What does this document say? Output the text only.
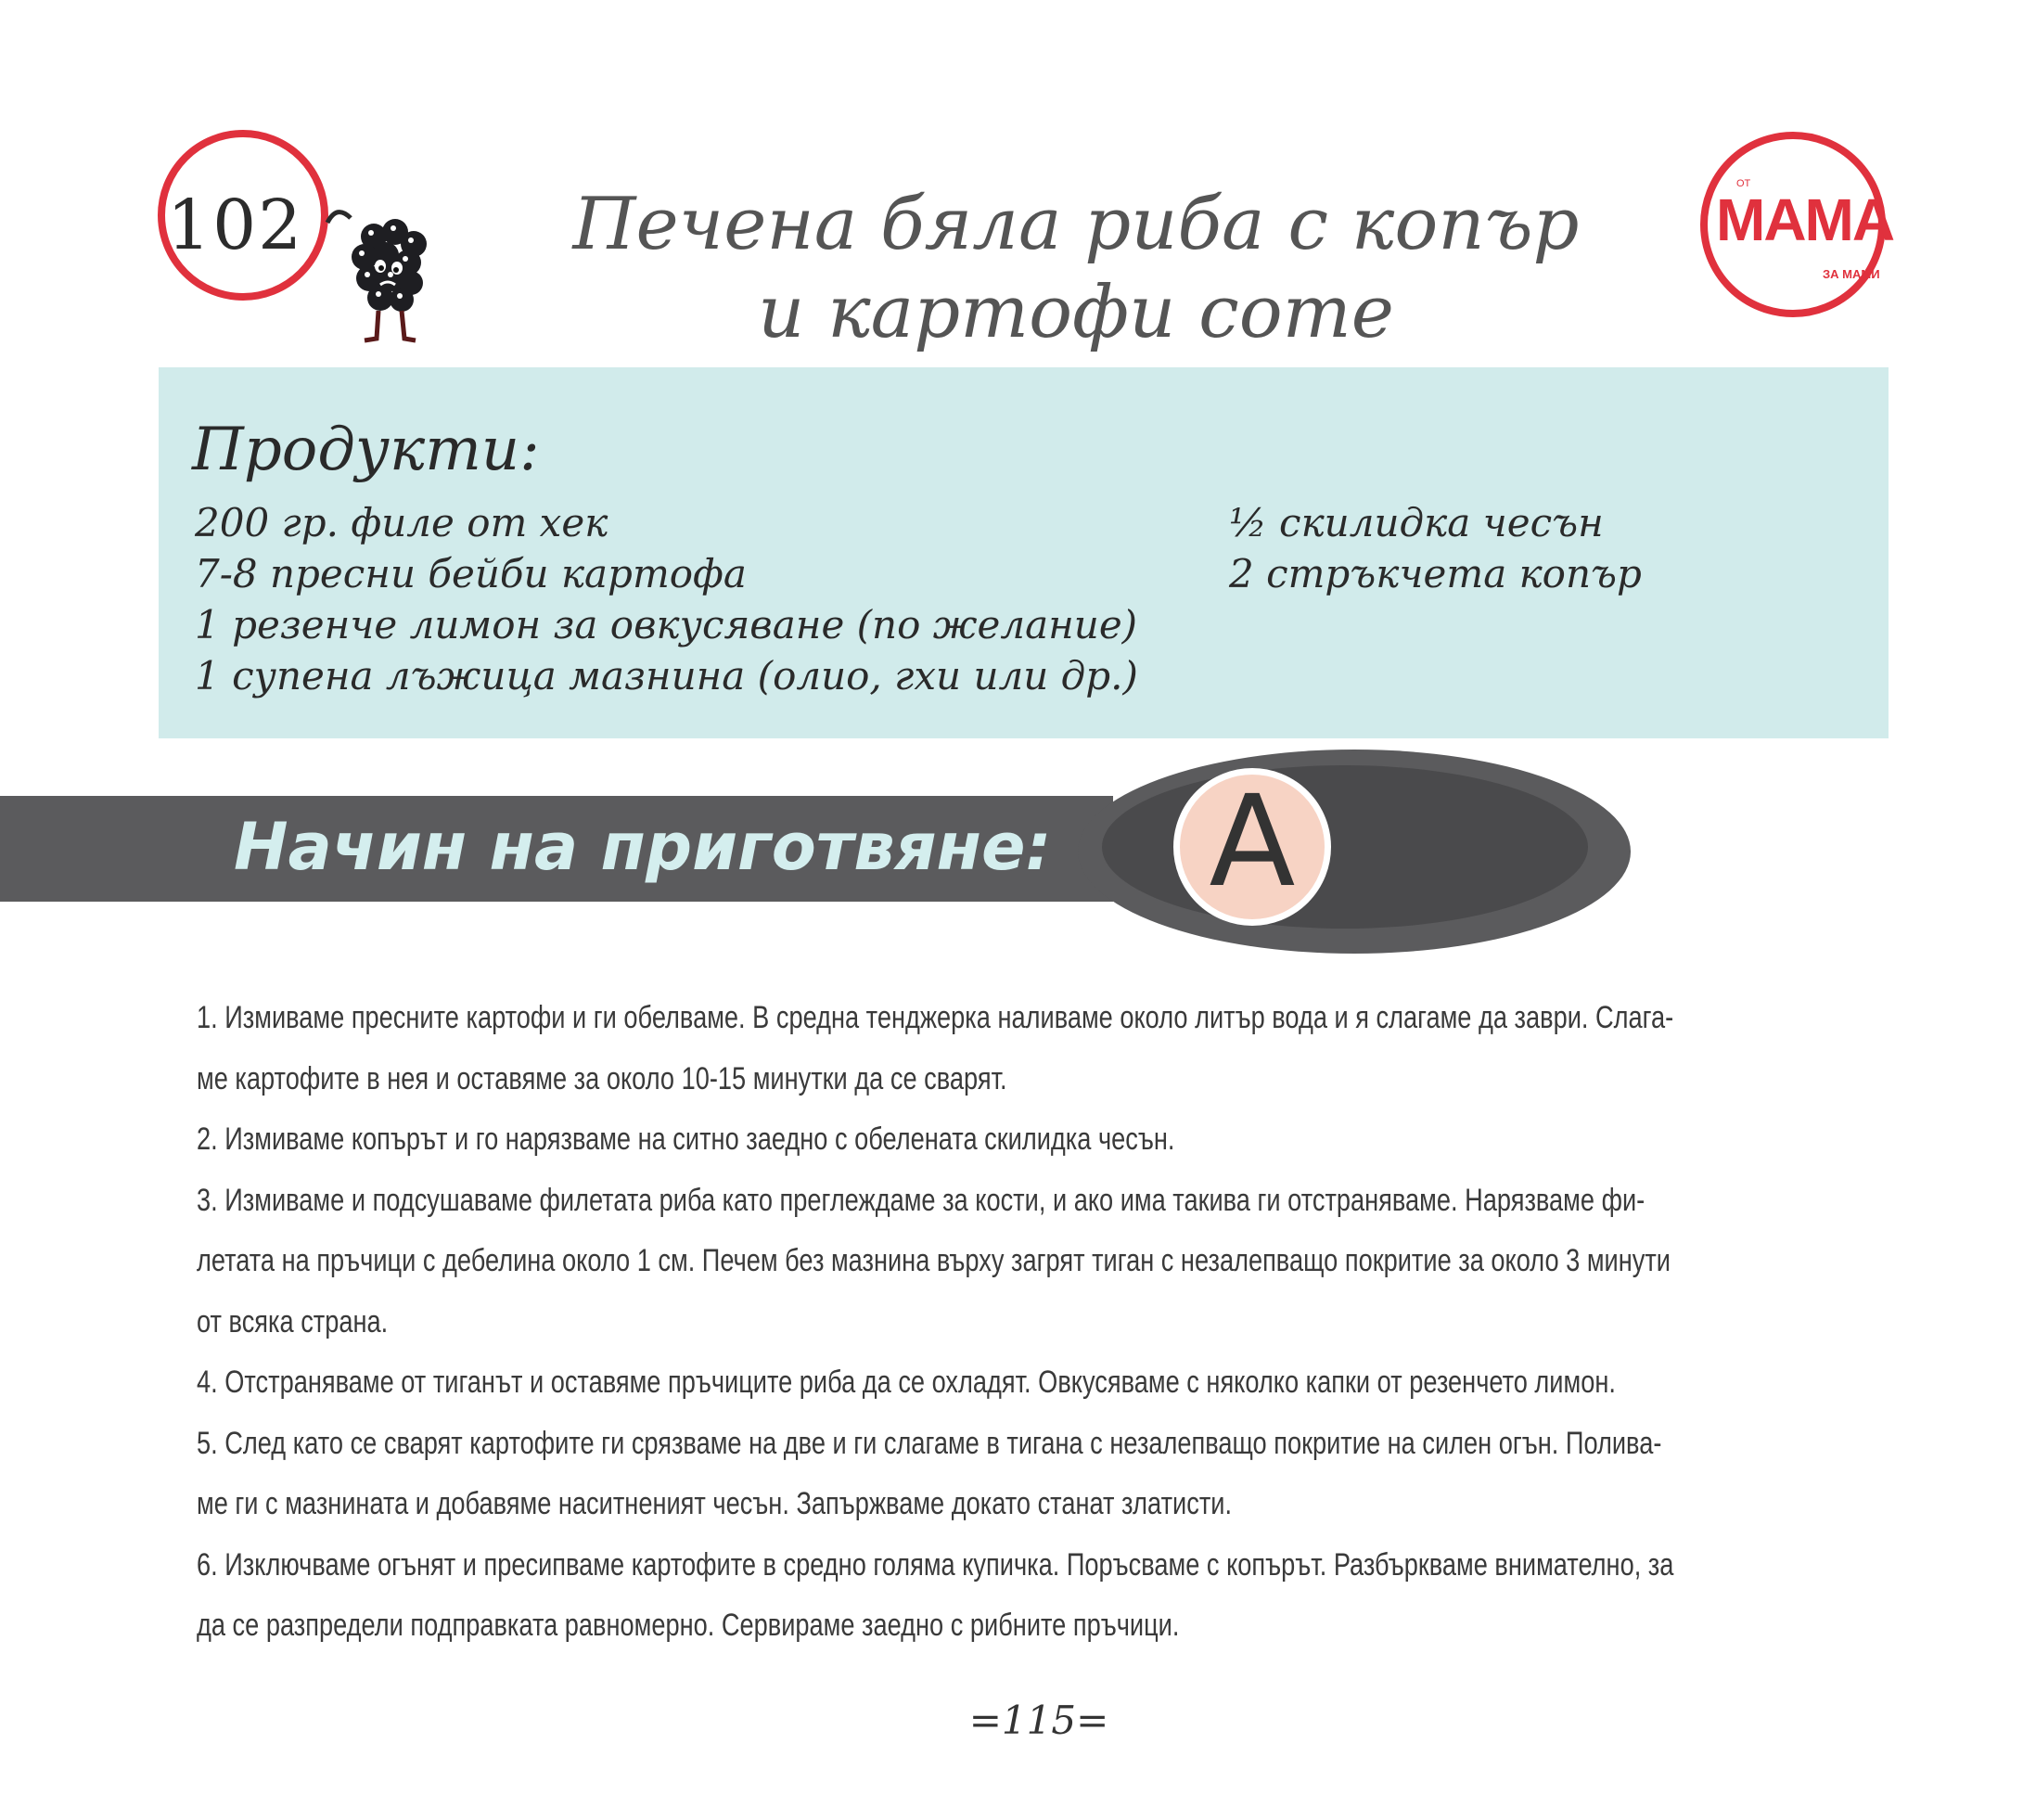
102	Печена бяла риба с копър
и картофи соте
ОТ
МАМА
ЗА МАМИ
Продукти:
200 гр. филе от хек
7-8 пресни бейби картофа
1 резенче лимон за овкусяване (по желание)
1 супена лъжица мазнина (олио, гхи или др.)
½ скилидка чесън
2 стръкчета копър
Начин на приготвяне: А
1. Измиваме пресните картофи и ги обелваме. В средна тенджерка наливаме около литър вода и я слагаме да заври. Слага-
ме картофите в нея и оставяме за около 10-15 минутки да се сварят.
2. Измиваме копърът и го нарязваме на ситно заедно с обелената скилидка чесън.
3. Измиваме и подсушаваме филетата риба като преглеждаме за кости, и ако има такива ги отстраняваме. Нарязваме фи-
летата на пръчици с дебелина около 1 см. Печем без мазнина върху загрят тиган с незалепващо покритие за около 3 минути
от всяка страна.
4. Отстраняваме от тиганът и оставяме пръчиците риба да се охладят. Овкусяваме с няколко капки от резенчето лимон.
5. След като се сварят картофите ги срязваме на две и ги слагаме в тигана с незалепващо покритие на силен огън. Полива-
ме ги с мазнината и добавяме наситненият чесън. Запържваме докато станат златисти.
6. Изключваме огънят и пресипваме картофите в средно голяма купичка. Поръсваме с копърът. Разбъркваме внимателно, за
да се разпредели подправката равномерно. Сервираме заедно с рибните пръчици.
=115=
